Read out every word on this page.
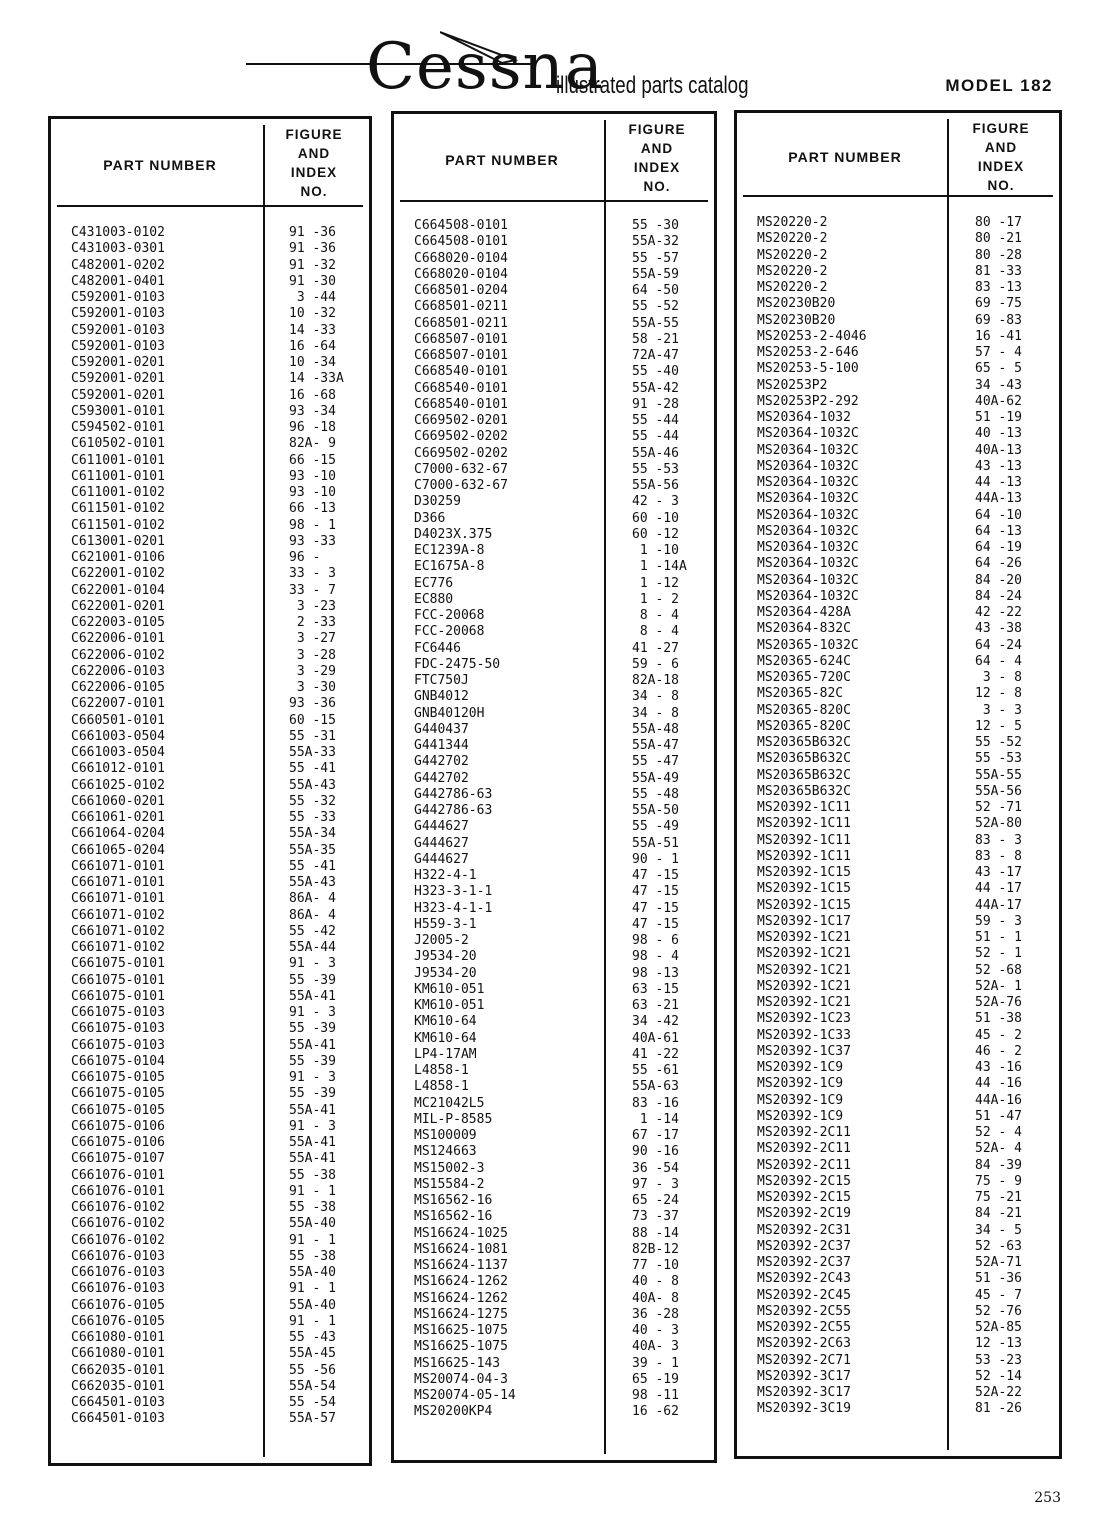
Cessna
illustrated parts catalog	MODEL 182
PART NUMBER
FIGURE
AND
INDEX
NO.
C431003-0102	91 -36
C431003-0301	91 -36
C482001-0202	91 -32
C482001-0401	91 -30
C592001-0103	3 -44
C592001-0103	10 -32
C592001-0103	14 -33
C592001-0103	16 -64
C592001-0201	10 -34
C592001-0201	14 -33A
C592001-0201	16 -68
C593001-0101	93 -34
C594502-0101	96 -18
C610502-0101	82A- 9
C611001-0101	66 -15
C611001-0101	93 -10
C611001-0102	93 -10
C611501-0102	66 -13
C611501-0102	98 - 1
C613001-0201	93 -33
C621001-0106	96 -
C622001-0102	33 - 3
C622001-0104	33 - 7
C622001-0201	3 -23
C622003-0105	2 -33
C622006-0101	3 -27
C622006-0102	3 -28
C622006-0103	3 -29
C622006-0105	3 -30
C622007-0101	93 -36
C660501-0101	60 -15
C661003-0504	55 -31
C661003-0504	55A-33
C661012-0101	55 -41
C661025-0102	55A-43
C661060-0201	55 -32
C661061-0201	55 -33
C661064-0204	55A-34
C661065-0204	55A-35
C661071-0101	55 -41
C661071-0101	55A-43
C661071-0101	86A- 4
C661071-0102	86A- 4
C661071-0102	55 -42
C661071-0102	55A-44
C661075-0101	91 - 3
C661075-0101	55 -39
C661075-0101	55A-41
C661075-0103	91 - 3
C661075-0103	55 -39
C661075-0103	55A-41
C661075-0104	55 -39
C661075-0105	91 - 3
C661075-0105	55 -39
C661075-0105	55A-41
C661075-0106	91 - 3
C661075-0106	55A-41
C661075-0107	55A-41
C661076-0101	55 -38
C661076-0101	91 - 1
C661076-0102	55 -38
C661076-0102	55A-40
C661076-0102	91 - 1
C661076-0103	55 -38
C661076-0103	55A-40
C661076-0103	91 - 1
C661076-0105	55A-40
C661076-0105	91 - 1
C661080-0101	55 -43
C661080-0101	55A-45
C662035-0101	55 -56
C662035-0101	55A-54
C664501-0103	55 -54
C664501-0103	55A-57
PART NUMBER
FIGURE
AND
INDEX
NO.
C664508-0101	55 -30
C664508-0101	55A-32
C668020-0104	55 -57
C668020-0104	55A-59
C668501-0204	64 -50
C668501-0211	55 -52
C668501-0211	55A-55
C668507-0101	58 -21
C668507-0101	72A-47
C668540-0101	55 -40
C668540-0101	55A-42
C668540-0101	91 -28
C669502-0201	55 -44
C669502-0202	55 -44
C669502-0202	55A-46
C7000-632-67	55 -53
C7000-632-67	55A-56
D30259	42 - 3
D366	60 -10
D4023X.375	60 -12
EC1239A-8	1 -10
EC1675A-8	1 -14A
EC776	1 -12
EC880	1 - 2
FCC-20068	8 - 4
FCC-20068	8 - 4
FC6446	41 -27
FDC-2475-50	59 - 6
FTC750J	82A-18
GNB4012	34 - 8
GNB40120H	34 - 8
G440437	55A-48
G441344	55A-47
G442702	55 -47
G442702	55A-49
G442786-63	55 -48
G442786-63	55A-50
G444627	55 -49
G444627	55A-51
G444627	90 - 1
H322-4-1	47 -15
H323-3-1-1	47 -15
H323-4-1-1	47 -15
H559-3-1	47 -15
J2005-2	98 - 6
J9534-20	98 - 4
J9534-20	98 -13
KM610-051	63 -15
KM610-051	63 -21
KM610-64	34 -42
KM610-64	40A-61
LP4-17AM	41 -22
L4858-1	55 -61
L4858-1	55A-63
MC21042L5	83 -16
MIL-P-8585	1 -14
MS100009	67 -17
MS124663	90 -16
MS15002-3	36 -54
MS15584-2	97 - 3
MS16562-16	65 -24
MS16562-16	73 -37
MS16624-1025	88 -14
MS16624-1081	82B-12
MS16624-1137	77 -10
MS16624-1262	40 - 8
MS16624-1262	40A- 8
MS16624-1275	36 -28
MS16625-1075	40 - 3
MS16625-1075	40A- 3
MS16625-143	39 - 1
MS20074-04-3	65 -19
MS20074-05-14	98 -11
MS20200KP4	16 -62
PART NUMBER
FIGURE
AND
INDEX
NO.
MS20220-2	80 -17
MS20220-2	80 -21
MS20220-2	80 -28
MS20220-2	81 -33
MS20220-2	83 -13
MS20230B20	69 -75
MS20230B20	69 -83
MS20253-2-4046	16 -41
MS20253-2-646	57 - 4
MS20253-5-100	65 - 5
MS20253P2	34 -43
MS20253P2-292	40A-62
MS20364-1032	51 -19
MS20364-1032C	40 -13
MS20364-1032C	40A-13
MS20364-1032C	43 -13
MS20364-1032C	44 -13
MS20364-1032C	44A-13
MS20364-1032C	64 -10
MS20364-1032C	64 -13
MS20364-1032C	64 -19
MS20364-1032C	64 -26
MS20364-1032C	84 -20
MS20364-1032C	84 -24
MS20364-428A	42 -22
MS20364-832C	43 -38
MS20365-1032C	64 -24
MS20365-624C	64 - 4
MS20365-720C	3 - 8
MS20365-82C	12 - 8
MS20365-820C	3 - 3
MS20365-820C	12 - 5
MS20365B632C	55 -52
MS20365B632C	55 -53
MS20365B632C	55A-55
MS20365B632C	55A-56
MS20392-1C11	52 -71
MS20392-1C11	52A-80
MS20392-1C11	83 - 3
MS20392-1C11	83 - 8
MS20392-1C15	43 -17
MS20392-1C15	44 -17
MS20392-1C15	44A-17
MS20392-1C17	59 - 3
MS20392-1C21	51 - 1
MS20392-1C21	52 - 1
MS20392-1C21	52 -68
MS20392-1C21	52A- 1
MS20392-1C21	52A-76
MS20392-1C23	51 -38
MS20392-1C33	45 - 2
MS20392-1C37	46 - 2
MS20392-1C9	43 -16
MS20392-1C9	44 -16
MS20392-1C9	44A-16
MS20392-1C9	51 -47
MS20392-2C11	52 - 4
MS20392-2C11	52A- 4
MS20392-2C11	84 -39
MS20392-2C15	75 - 9
MS20392-2C15	75 -21
MS20392-2C19	84 -21
MS20392-2C31	34 - 5
MS20392-2C37	52 -63
MS20392-2C37	52A-71
MS20392-2C43	51 -36
MS20392-2C45	45 - 7
MS20392-2C55	52 -76
MS20392-2C55	52A-85
MS20392-2C63	12 -13
MS20392-2C71	53 -23
MS20392-3C17	52 -14
MS20392-3C17	52A-22
MS20392-3C19	81 -26
253
